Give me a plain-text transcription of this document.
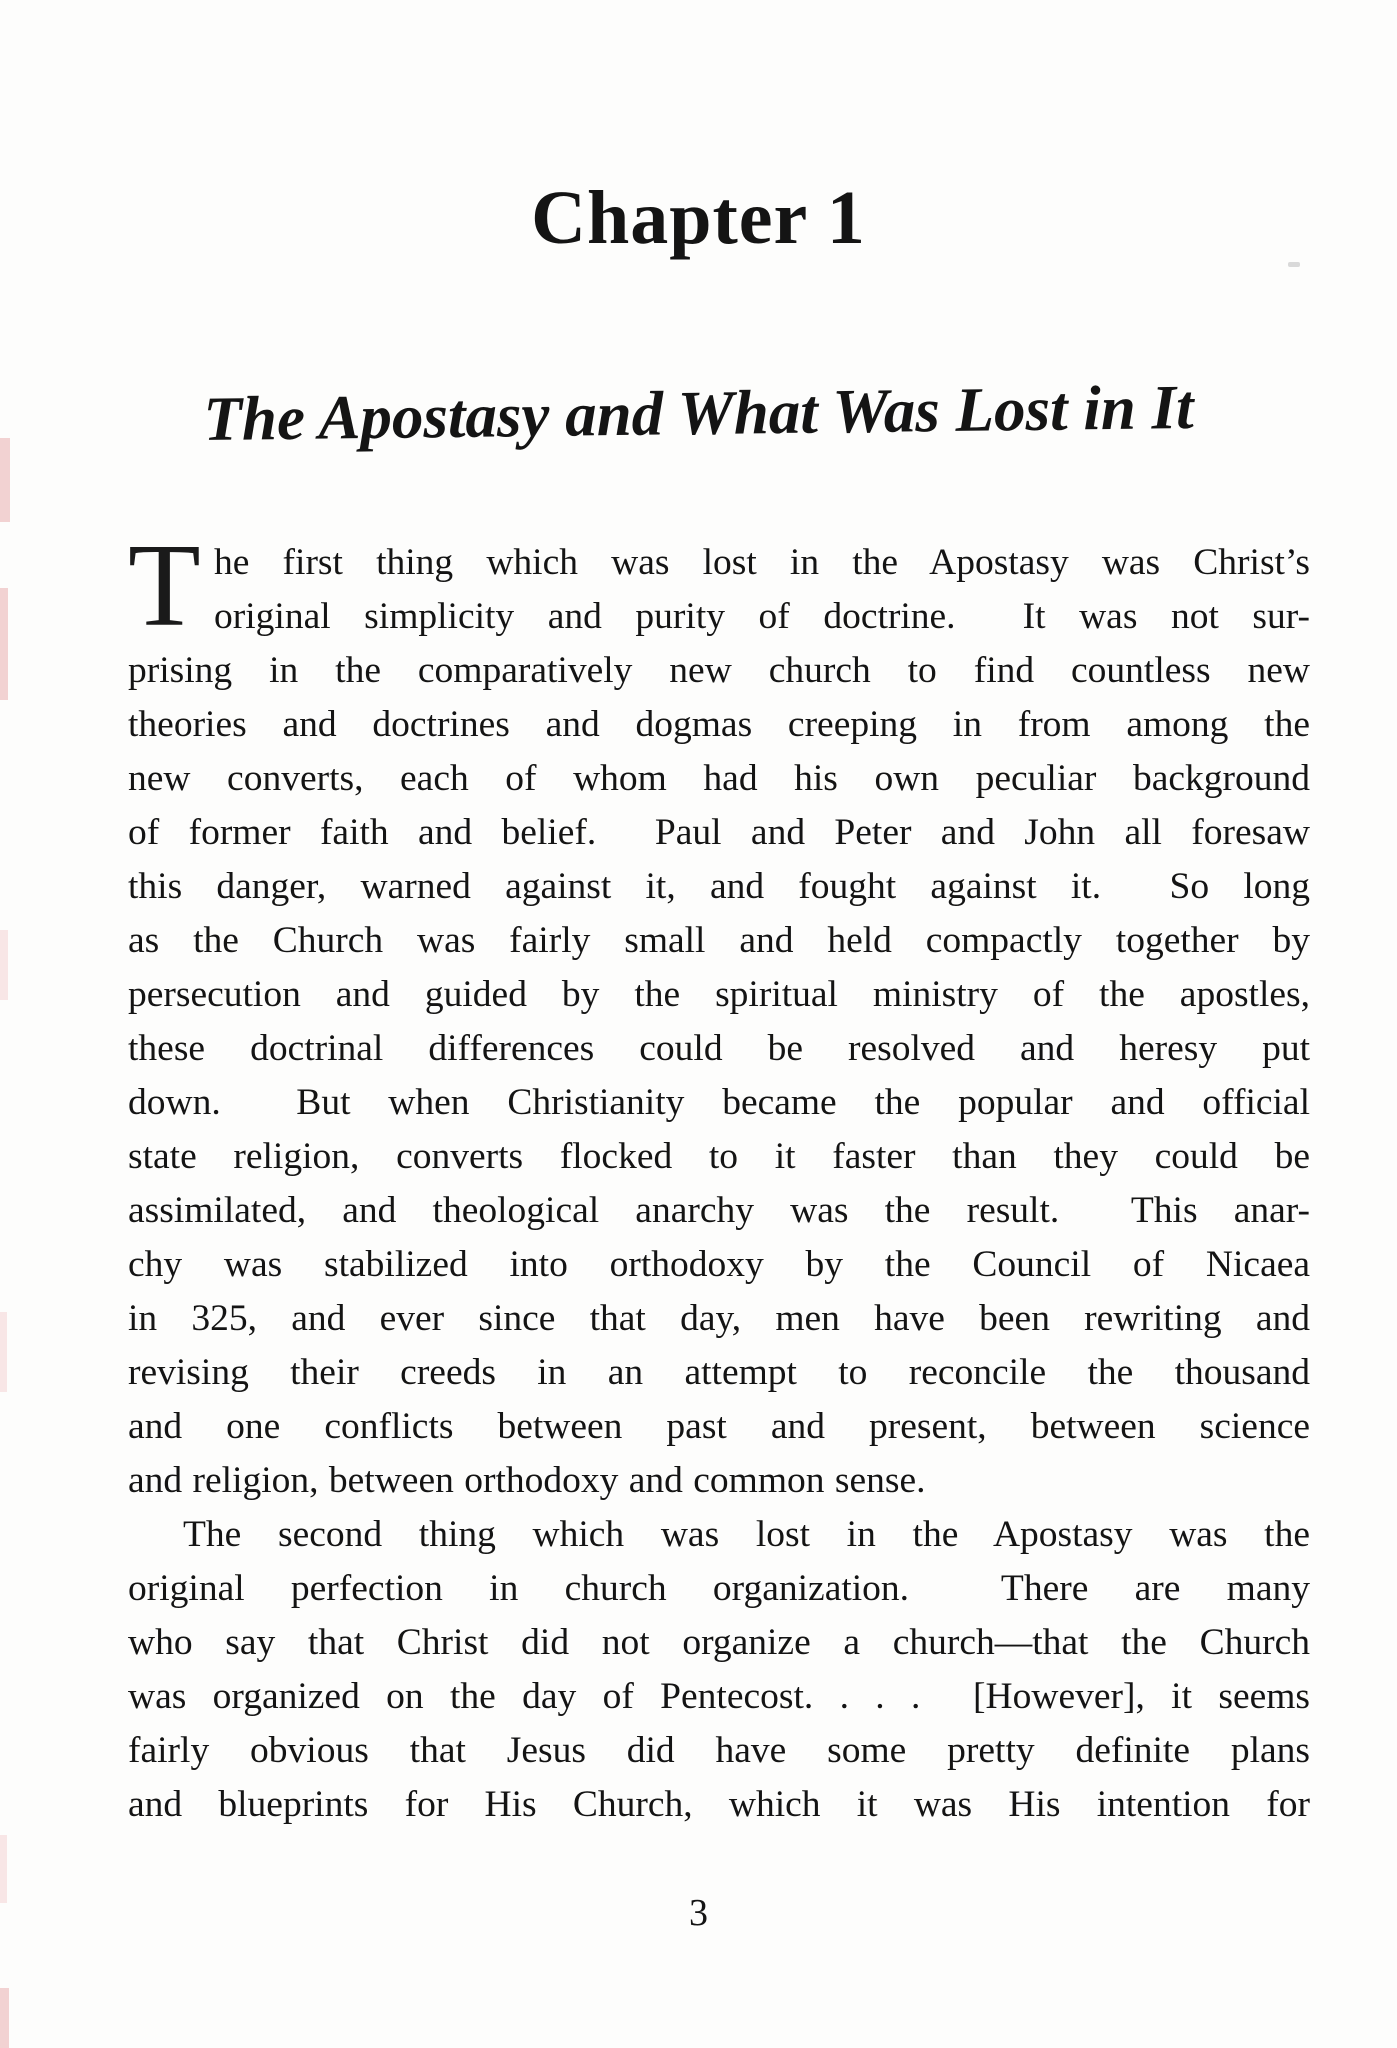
Chapter 1
The Apostasy and What Was Lost in It
T he first thing which was lost in the Apostasy was Christ’s
original simplicity and purity of doctrine.  It was not sur-
prising in the comparatively new church to find countless new
theories and doctrines and dogmas creeping in from among the
new converts, each of whom had his own peculiar background
of former faith and belief.  Paul and Peter and John all foresaw
this danger, warned against it, and fought against it.  So long
as the Church was fairly small and held compactly together by
persecution and guided by the spiritual ministry of the apostles,
these doctrinal differences could be resolved and heresy put
down.  But when Christianity became the popular and official
state religion, converts flocked to it faster than they could be
assimilated, and theological anarchy was the result.  This anar-
chy was stabilized into orthodoxy by the Council of Nicaea
in 325, and ever since that day, men have been rewriting and
revising their creeds in an attempt to reconcile the thousand
and one conflicts between past and present, between science
and religion, between orthodoxy and common sense.
The second thing which was lost in the Apostasy was the
original perfection in church organization.  There are many
who say that Christ did not organize a church—that the Church
was organized on the day of Pentecost. . . .  [However], it seems
fairly obvious that Jesus did have some pretty definite plans
and blueprints for His Church, which it was His intention for
3
